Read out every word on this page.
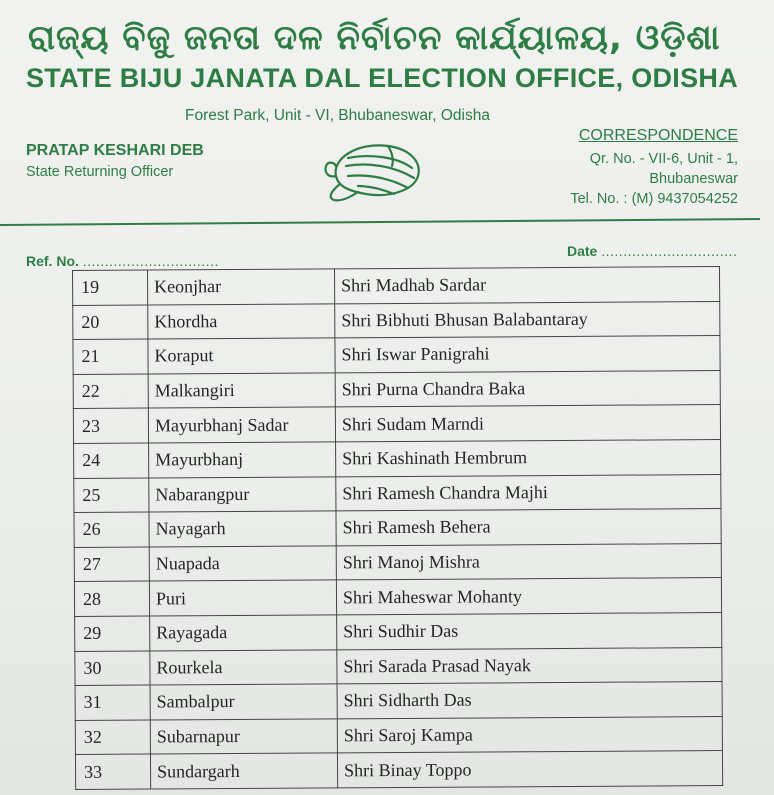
ରାଜ୍ୟ ବିଜୁ ଜନତା ଦଳ ନିର୍ବାଚନ କାର୍ଯ୍ୟାଳୟ, ଓଡ଼ିଶା
STATE BIJU JANATA DAL ELECTION OFFICE, ODISHA
Forest Park, Unit - VI, Bhubaneswar, Odisha
PRATAP KESHARI DEB
State Returning Officer
CORRESPONDENCE
Qr. No. - VII-6, Unit - 1,
Bhubaneswar
Tel. No. : (M) 9437054252
Ref. No. ...............................
Date ...............................
19	Keonjhar	Shri Madhab Sardar
20	Khordha	Shri Bibhuti Bhusan Balabantaray
21	Koraput	Shri Iswar Panigrahi
22	Malkangiri	Shri Purna Chandra Baka
23	Mayurbhanj Sadar	Shri Sudam Marndi
24	Mayurbhanj	Shri Kashinath Hembrum
25	Nabarangpur	Shri Ramesh Chandra Majhi
26	Nayagarh	Shri Ramesh Behera
27	Nuapada	Shri Manoj Mishra
28	Puri	Shri Maheswar Mohanty
29	Rayagada	Shri Sudhir Das
30	Rourkela	Shri Sarada Prasad Nayak
31	Sambalpur	Shri Sidharth Das
32	Subarnapur	Shri Saroj Kampa
33	Sundargarh	Shri Binay Toppo
